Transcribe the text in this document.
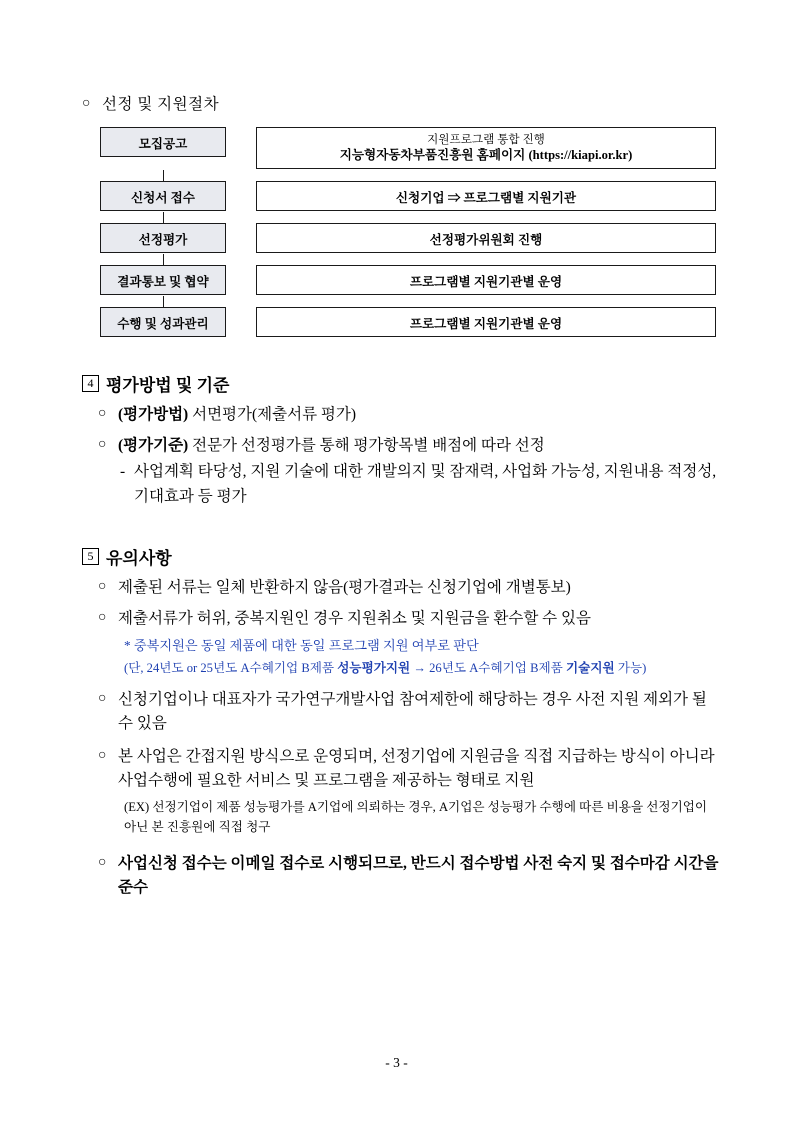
○ 선정 및 지원절차
모집공고	지원프로그램 통합 진행
지능형자동차부품진흥원 홈페이지 (https://kiapi.or.kr)
신청서 접수	신청기업 ⇒ 프로그램별 지원기관
선정평가	선정평가위원회 진행
결과통보 및 협약	프로그램별 지원기관별 운영
수행 및 성과관리	프로그램별 지원기관별 운영
4 평가방법 및 기준
○ (평가방법) 서면평가(제출서류 평가)
○ (평가기준) 전문가 선정평가를 통해 평가항목별 배점에 따라 선정
- 사업계획 타당성, 지원 기술에 대한 개발의지 및 잠재력, 사업화 가능성, 지원내용 적정성, 기대효과 등 평가
5 유의사항
○ 제출된 서류는 일체 반환하지 않음(평가결과는 신청기업에 개별통보)
○ 제출서류가 허위, 중복지원인 경우 지원취소 및 지원금을 환수할 수 있음
* 중복지원은 동일 제품에 대한 동일 프로그램 지원 여부로 판단
(단, 24년도 or 25년도 A수혜기업 B제품 성능평가지원 → 26년도 A수혜기업 B제품 기술지원 가능)
○ 신청기업이나 대표자가 국가연구개발사업 참여제한에 해당하는 경우 사전 지원 제외가 될 수 있음
○ 본 사업은 간접지원 방식으로 운영되며, 선정기업에 지원금을 직접 지급하는 방식이 아니라 사업수행에 필요한 서비스 및 프로그램을 제공하는 형태로 지원
(EX) 선정기업이 제품 성능평가를 A기업에 의뢰하는 경우, A기업은 성능평가 수행에 따른 비용을 선정기업이 아닌 본 진흥원에 직접 청구
○ 사업신청 접수는 이메일 접수로 시행되므로, 반드시 접수방법 사전 숙지 및 접수마감 시간을 준수
- 3 -
